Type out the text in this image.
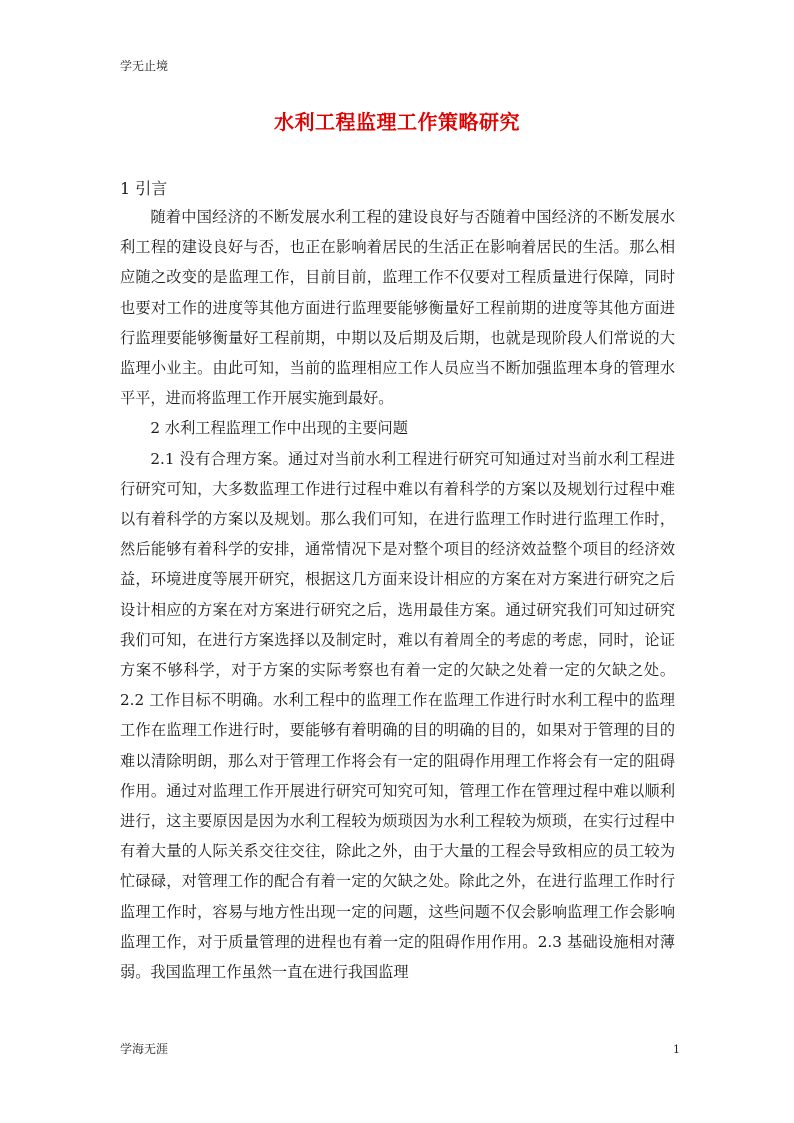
学无止境
水利工程监理工作策略研究
1 引言

随着中国经济的不断发展水利工程的建设良好与否随着中国经济的不断发展水利工程的建设良好与否，也正在影响着居民的生活正在影响着居民的生活。那么相应随之改变的是监理工作，目前目前，监理工作不仅要对工程质量进行保障，同时也要对工作的进度等其他方面进行监理要能够衡量好工程前期的进度等其他方面进行监理要能够衡量好工程前期，中期以及后期及后期，也就是现阶段人们常说的大监理小业主。由此可知，当前的监理相应工作人员应当不断加强监理本身的管理水平平，进而将监理工作开展实施到最好。

2 水利工程监理工作中出现的主要问题

2.1 没有合理方案。通过对当前水利工程进行研究可知通过对当前水利工程进行研究可知，大多数监理工作进行过程中难以有着科学的方案以及规划行过程中难以有着科学的方案以及规划。那么我们可知，在进行监理工作时进行监理工作时，然后能够有着科学的安排，通常情况下是对整个项目的经济效益整个项目的经济效益，环境进度等展开研究，根据这几方面来设计相应的方案在对方案进行研究之后设计相应的方案在对方案进行研究之后，选用最佳方案。通过研究我们可知过研究我们可知，在进行方案选择以及制定时，难以有着周全的考虑的考虑，同时，论证方案不够科学，对于方案的实际考察也有着一定的欠缺之处着一定的欠缺之处。2.2 工作目标不明确。水利工程中的监理工作在监理工作进行时水利工程中的监理工作在监理工作进行时，要能够有着明确的目的明确的目的，如果对于管理的目的难以清除明朗，那么对于管理工作将会有一定的阻碍作用理工作将会有一定的阻碍作用。通过对监理工作开展进行研究可知究可知，管理工作在管理过程中难以顺利进行，这主要原因是因为水利工程较为烦琐因为水利工程较为烦琐，在实行过程中有着大量的人际关系交往交往，除此之外，由于大量的工程会导致相应的员工较为忙碌碌，对管理工作的配合有着一定的欠缺之处。除此之外，在进行监理工作时行监理工作时，容易与地方性出现一定的问题，这些问题不仅会影响监理工作会影响监理工作，对于质量管理的进程也有着一定的阻碍作用作用。2.3 基础设施相对薄弱。我国监理工作虽然一直在进行我国监理

学海无涯	1
